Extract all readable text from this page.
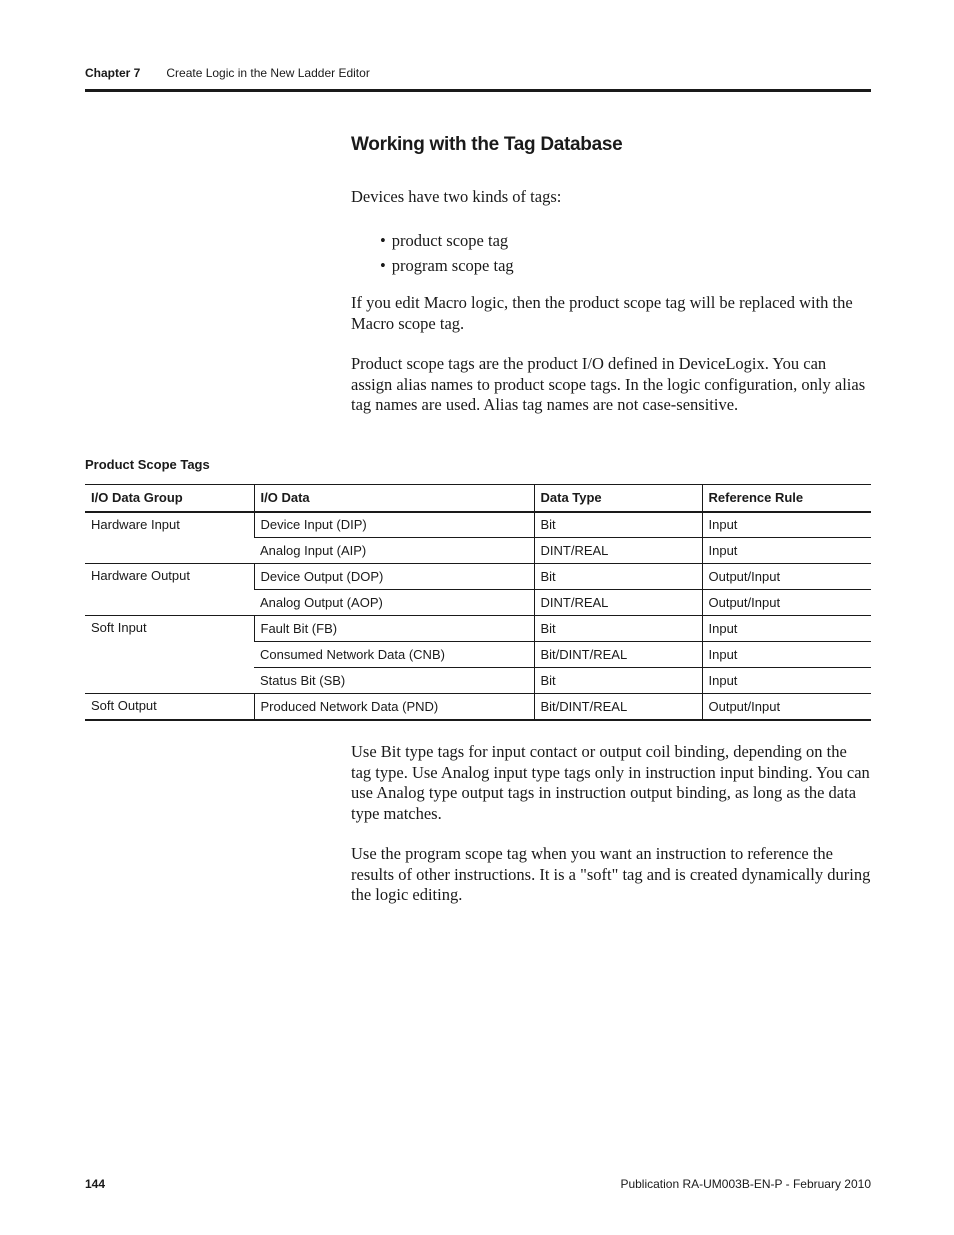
Chapter 7 Create Logic in the New Ladder Editor
Working with the Tag Database
Devices have two kinds of tags:
• product scope tag
• program scope tag
If you edit Macro logic, then the product scope tag will be replaced with the Macro scope tag.
Product scope tags are the product I/O defined in DeviceLogix. You can assign alias names to product scope tags. In the logic configuration, only alias tag names are used. Alias tag names are not case-sensitive.
Product Scope Tags
I/O Data Group	I/O Data	Data Type	Reference Rule
Hardware Input	Device Input (DIP)	Bit	Input
	Analog Input (AIP)	DINT/REAL	Input
Hardware Output	Device Output (DOP)	Bit	Output/Input
	Analog Output (AOP)	DINT/REAL	Output/Input
Soft Input	Fault Bit (FB)	Bit	Input
	Consumed Network Data (CNB)	Bit/DINT/REAL	Input
	Status Bit (SB)	Bit	Input
Soft Output	Produced Network Data (PND)	Bit/DINT/REAL	Output/Input
Use Bit type tags for input contact or output coil binding, depending on the tag type. Use Analog input type tags only in instruction input binding. You can use Analog type output tags in instruction output binding, as long as the data type matches.
Use the program scope tag when you want an instruction to reference the results of other instructions. It is a "soft" tag and is created dynamically during the logic editing.
144	Publication RA-UM003B-EN-P - February 2010
